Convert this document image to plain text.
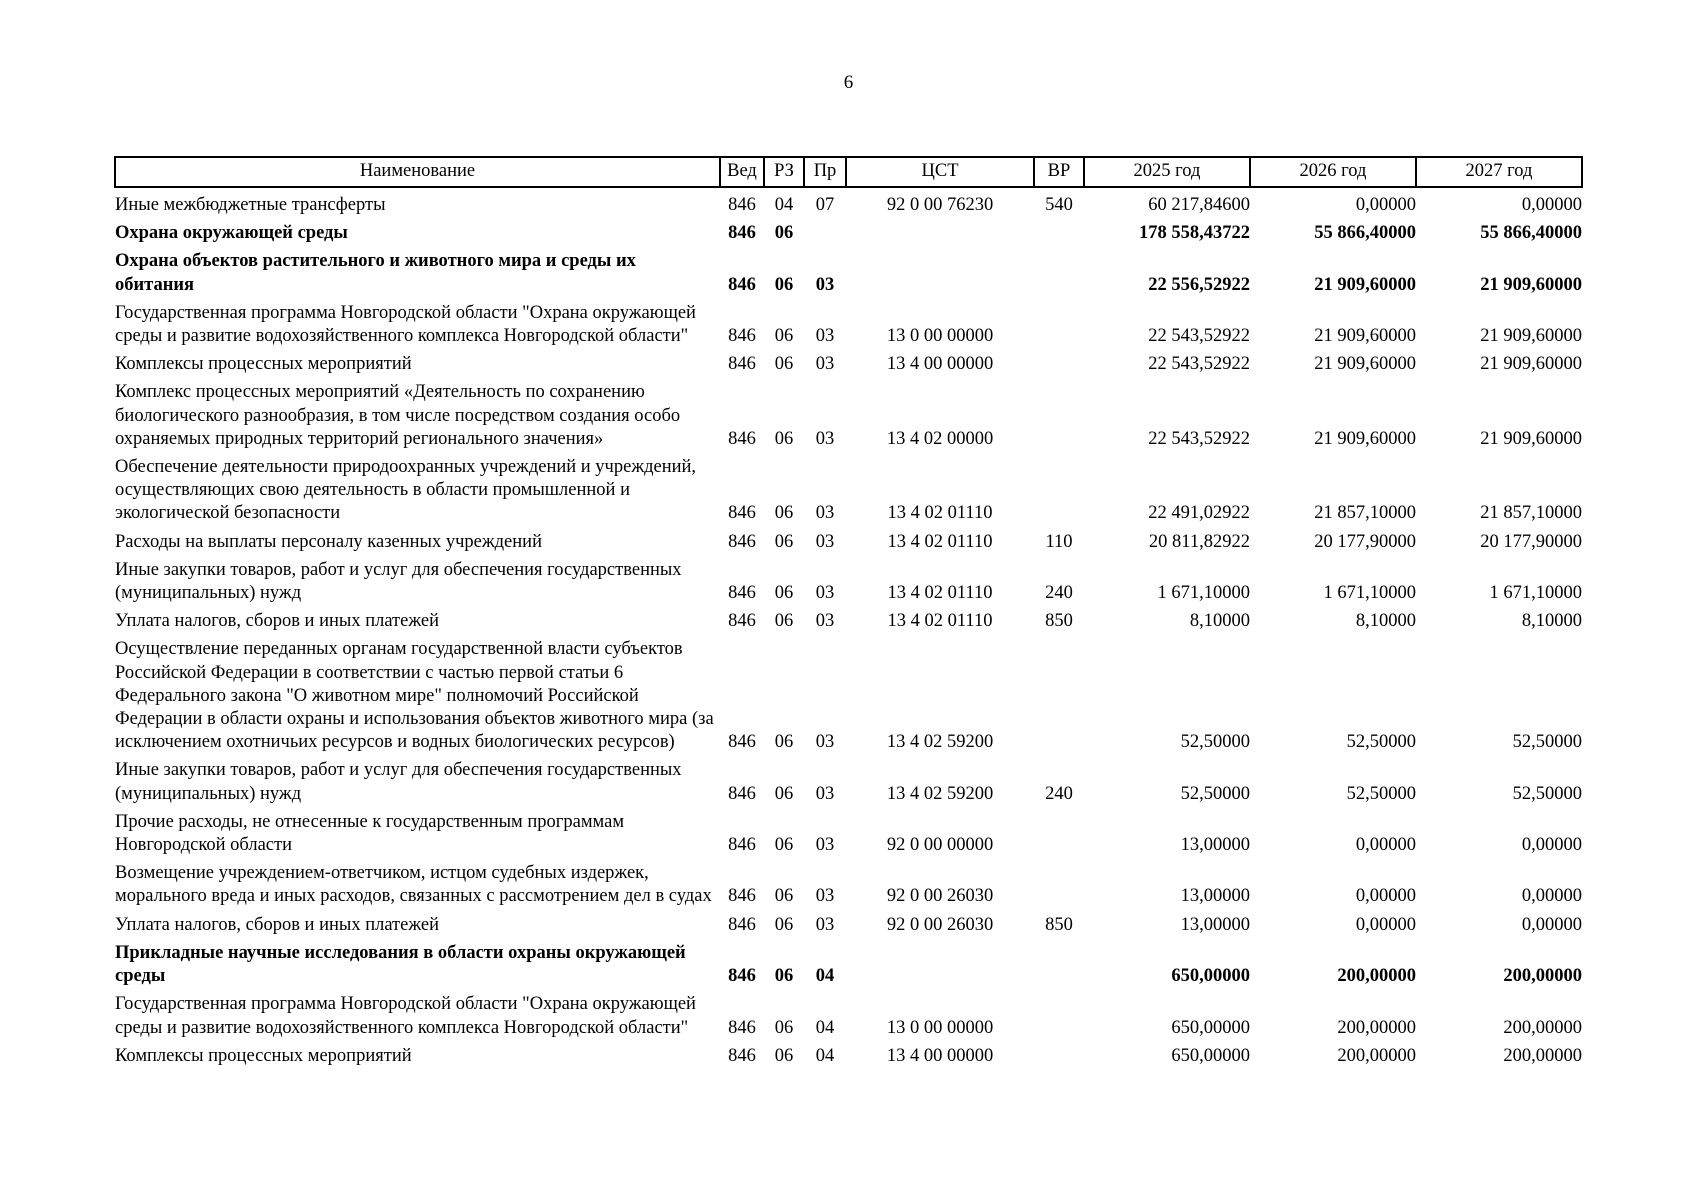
6
Наименование	Вед	РЗ	Пр	ЦСТ	ВР	2025 год	2026 год	2027 год
Иные межбюджетные трансферты	846	04	07	92 0 00 76230	540	60 217,84600	0,00000	0,00000
Охрана окружающей среды	846	06				178 558,43722	55 866,40000	55 866,40000
Охрана объектов растительного и животного мира и среды их обитания	846	06	03			22 556,52922	21 909,60000	21 909,60000
Государственная программа Новгородской области "Охрана окружающей среды и развитие водохозяйственного комплекса Новгородской области"	846	06	03	13 0 00 00000		22 543,52922	21 909,60000	21 909,60000
Комплексы процессных мероприятий	846	06	03	13 4 00 00000		22 543,52922	21 909,60000	21 909,60000
Комплекс процессных мероприятий «Деятельность по сохранению биологического разнообразия, в том числе посредством создания особо охраняемых природных территорий регионального значения»	846	06	03	13 4 02 00000		22 543,52922	21 909,60000	21 909,60000
Обеспечение деятельности природоохранных учреждений и учреждений, осуществляющих свою деятельность в области промышленной и экологической безопасности	846	06	03	13 4 02 01110		22 491,02922	21 857,10000	21 857,10000
Расходы на выплаты персоналу казенных учреждений	846	06	03	13 4 02 01110	110	20 811,82922	20 177,90000	20 177,90000
Иные закупки товаров, работ и услуг для обеспечения государственных (муниципальных) нужд	846	06	03	13 4 02 01110	240	1 671,10000	1 671,10000	1 671,10000
Уплата налогов, сборов и иных платежей	846	06	03	13 4 02 01110	850	8,10000	8,10000	8,10000
Осуществление переданных органам государственной власти субъектов Российской Федерации в соответствии с частью первой статьи 6 Федерального закона "О животном мире" полномочий Российской Федерации в области охраны и использования объектов животного мира (за исключением охотничьих ресурсов и водных биологических ресурсов)	846	06	03	13 4 02 59200		52,50000	52,50000	52,50000
Иные закупки товаров, работ и услуг для обеспечения государственных (муниципальных) нужд	846	06	03	13 4 02 59200	240	52,50000	52,50000	52,50000
Прочие расходы, не отнесенные к государственным программам Новгородской области	846	06	03	92 0 00 00000		13,00000	0,00000	0,00000
Возмещение учреждением-ответчиком, истцом судебных издержек, морального вреда и иных расходов, связанных с рассмотрением дел в судах	846	06	03	92 0 00 26030		13,00000	0,00000	0,00000
Уплата налогов, сборов и иных платежей	846	06	03	92 0 00 26030	850	13,00000	0,00000	0,00000
Прикладные научные исследования в области охраны окружающей среды	846	06	04			650,00000	200,00000	200,00000
Государственная программа Новгородской области "Охрана окружающей среды и развитие водохозяйственного комплекса Новгородской области"	846	06	04	13 0 00 00000		650,00000	200,00000	200,00000
Комплексы процессных мероприятий	846	06	04	13 4 00 00000		650,00000	200,00000	200,00000
